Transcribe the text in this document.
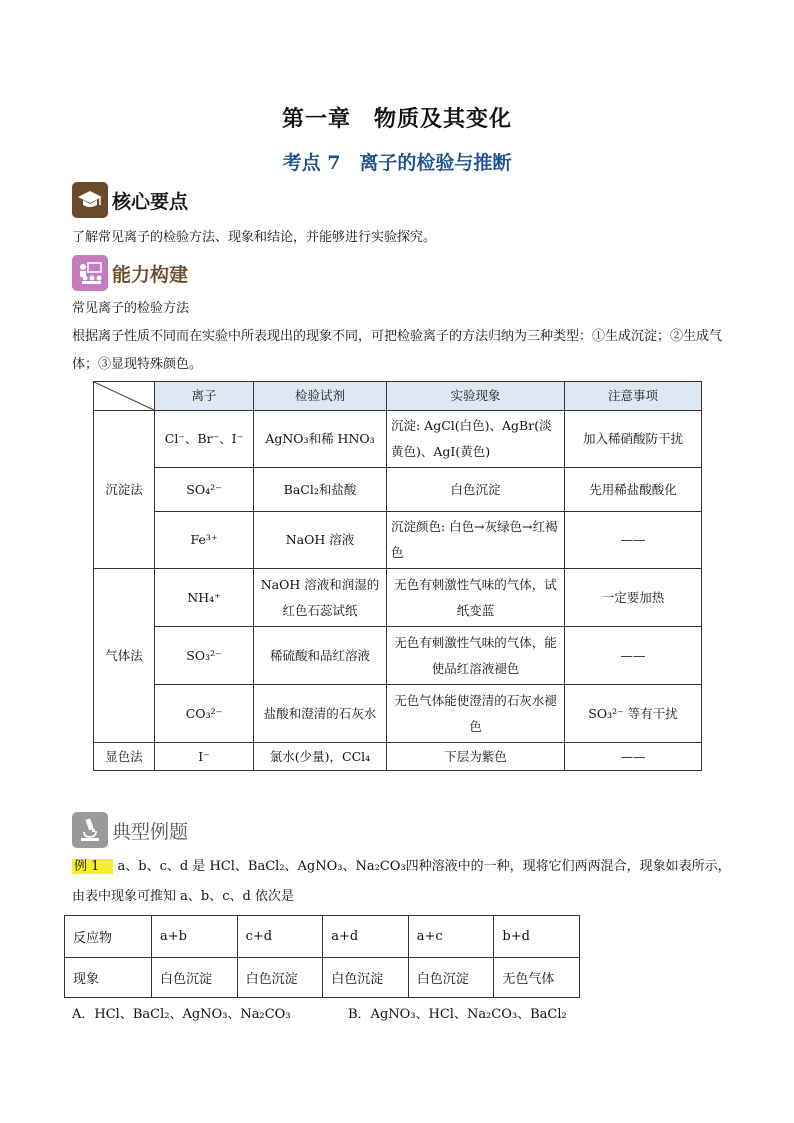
第一章　物质及其变化
考点 7　离子的检验与推断
核心要点
了解常见离子的检验方法、现象和结论，并能够进行实验探究。
能力构建
常见离子的检验方法
根据离子性质不同而在实验中所表现出的现象不同，可把检验离子的方法归纳为三种类型：①生成沉淀；②生成气体；③显现特殊颜色。
	离子	检验试剂	实验现象	注意事项
沉淀法	Cl⁻、Br⁻、I⁻	AgNO₃和稀 HNO₃	沉淀: AgCl(白色)、AgBr(淡黄色)、AgI(黄色)	加入稀硝酸防干扰
	SO₄²⁻	BaCl₂和盐酸	白色沉淀	先用稀盐酸酸化
	Fe³⁺	NaOH 溶液	沉淀颜色: 白色→灰绿色→红褐色	——
气体法	NH₄⁺	NaOH 溶液和润湿的红色石蕊试纸	无色有刺激性气味的气体，试纸变蓝	一定要加热
	SO₃²⁻	稀硫酸和品红溶液	无色有刺激性气味的气体，能使品红溶液褪色	——
	CO₃²⁻	盐酸和澄清的石灰水	无色气体能使澄清的石灰水褪色	SO₃²⁻ 等有干扰
显色法	I⁻	氯水(少量)，CCl₄	下层为紫色	——
典型例题
例 1 a、b、c、d 是 HCl、BaCl₂、AgNO₃、Na₂CO₃四种溶液中的一种，现将它们两两混合，现象如表所示，
由表中现象可推知 a、b、c、d 依次是
反应物	a+b	c+d	a+d	a+c	b+d
现象	白色沉淀	白色沉淀	白色沉淀	白色沉淀	无色气体
A．HCl、BaCl₂、AgNO₃、Na₂CO₃	B．AgNO₃、HCl、Na₂CO₃、BaCl₂
